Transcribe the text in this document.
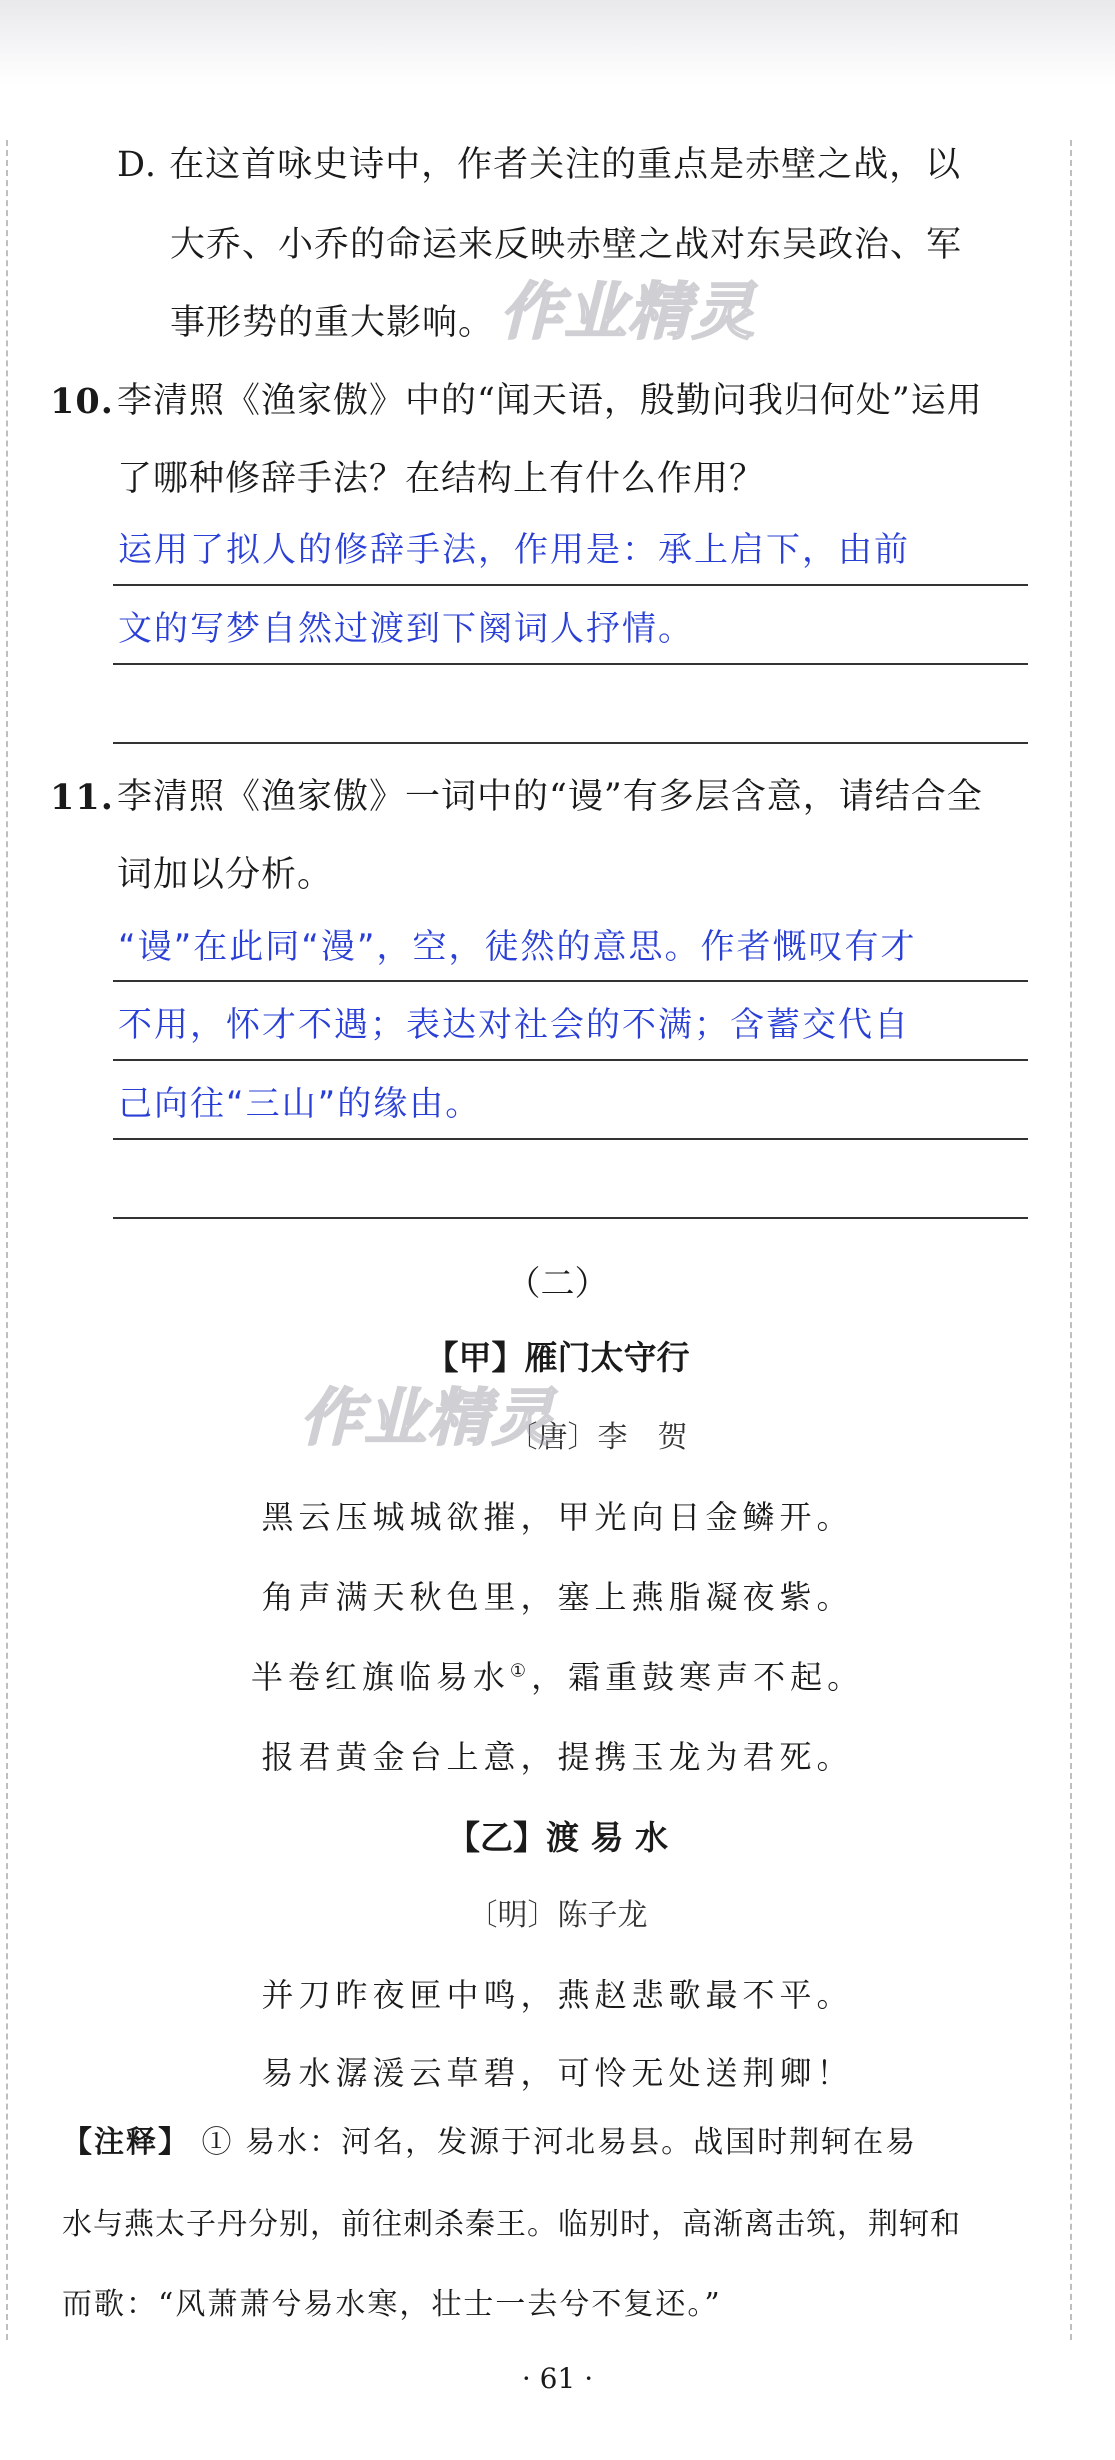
D. 在这首咏史诗中，作者关注的重点是赤壁之战，以
大乔、小乔的命运来反映赤壁之战对东吴政治、军
事形势的重大影响。 作业精灵
10. 李清照《渔家傲》中的“闻天语，殷勤问我归何处”运用
了哪种修辞手法？在结构上有什么作用？
运用了拟人的修辞手法，作用是：承上启下，由前
文的写梦自然过渡到下阕词人抒情。
11. 李清照《渔家傲》一词中的“谩”有多层含意，请结合全
词加以分析。
“谩”在此同“漫”，空，徒然的意思。作者慨叹有才
不用，怀才不遇；表达对社会的不满；含蓄交代自
己向往“三山”的缘由。
（二）
【甲】雁门太守行
〔唐〕李　贺
作业精灵
黑云压城城欲摧，甲光向日金鳞开。
角声满天秋色里，塞上燕脂凝夜紫。
半卷红旗临易水①，霜重鼓寒声不起。
报君黄金台上意，提携玉龙为君死。
【乙】渡 易 水
〔明〕陈子龙
并刀昨夜匣中鸣，燕赵悲歌最不平。
易水潺湲云草碧，可怜无处送荆卿！
【注释】 ① 易水：河名，发源于河北易县。战国时荆轲在易
水与燕太子丹分别，前往刺杀秦王。临别时，高渐离击筑，荆轲和
而歌：“风萧萧兮易水寒，壮士一去兮不复还。”
· 61 ·
